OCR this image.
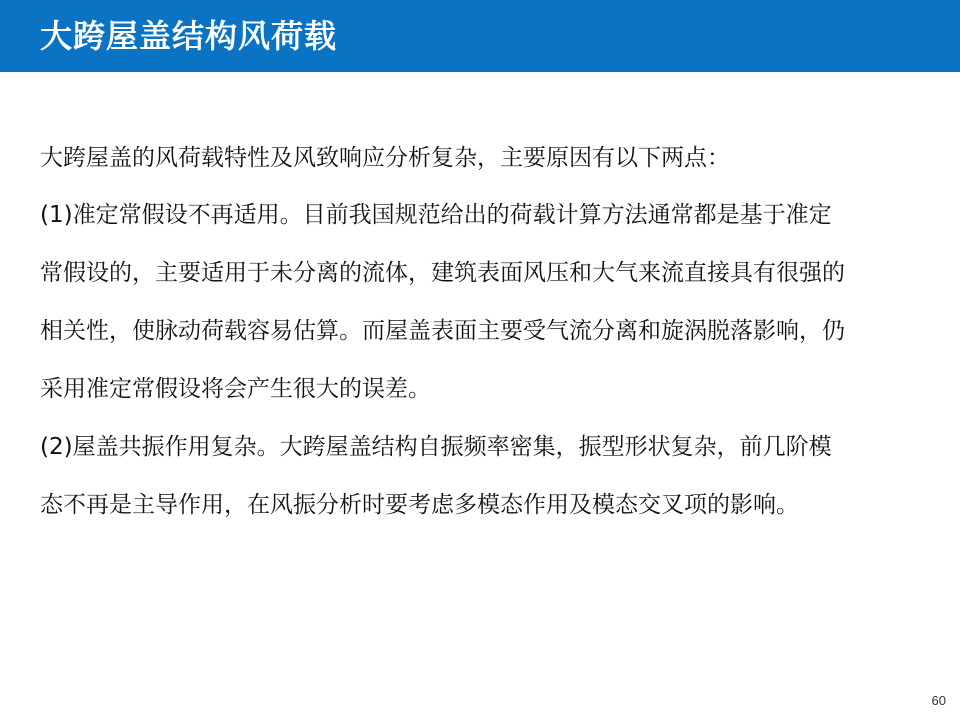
大跨屋盖结构风荷载

大跨屋盖的风荷载特性及风致响应分析复杂，主要原因有以下两点：

(1)准定常假设不再适用。目前我国规范给出的荷载计算方法通常都是基于准定

常假设的，主要适用于未分离的流体，建筑表面风压和大气来流直接具有很强的

相关性，使脉动荷载容易估算。而屋盖表面主要受气流分离和旋涡脱落影响，仍

采用准定常假设将会产生很大的误差。

(2)屋盖共振作用复杂。大跨屋盖结构自振频率密集，振型形状复杂，前几阶模

态不再是主导作用，在风振分析时要考虑多模态作用及模态交叉项的影响。

60
